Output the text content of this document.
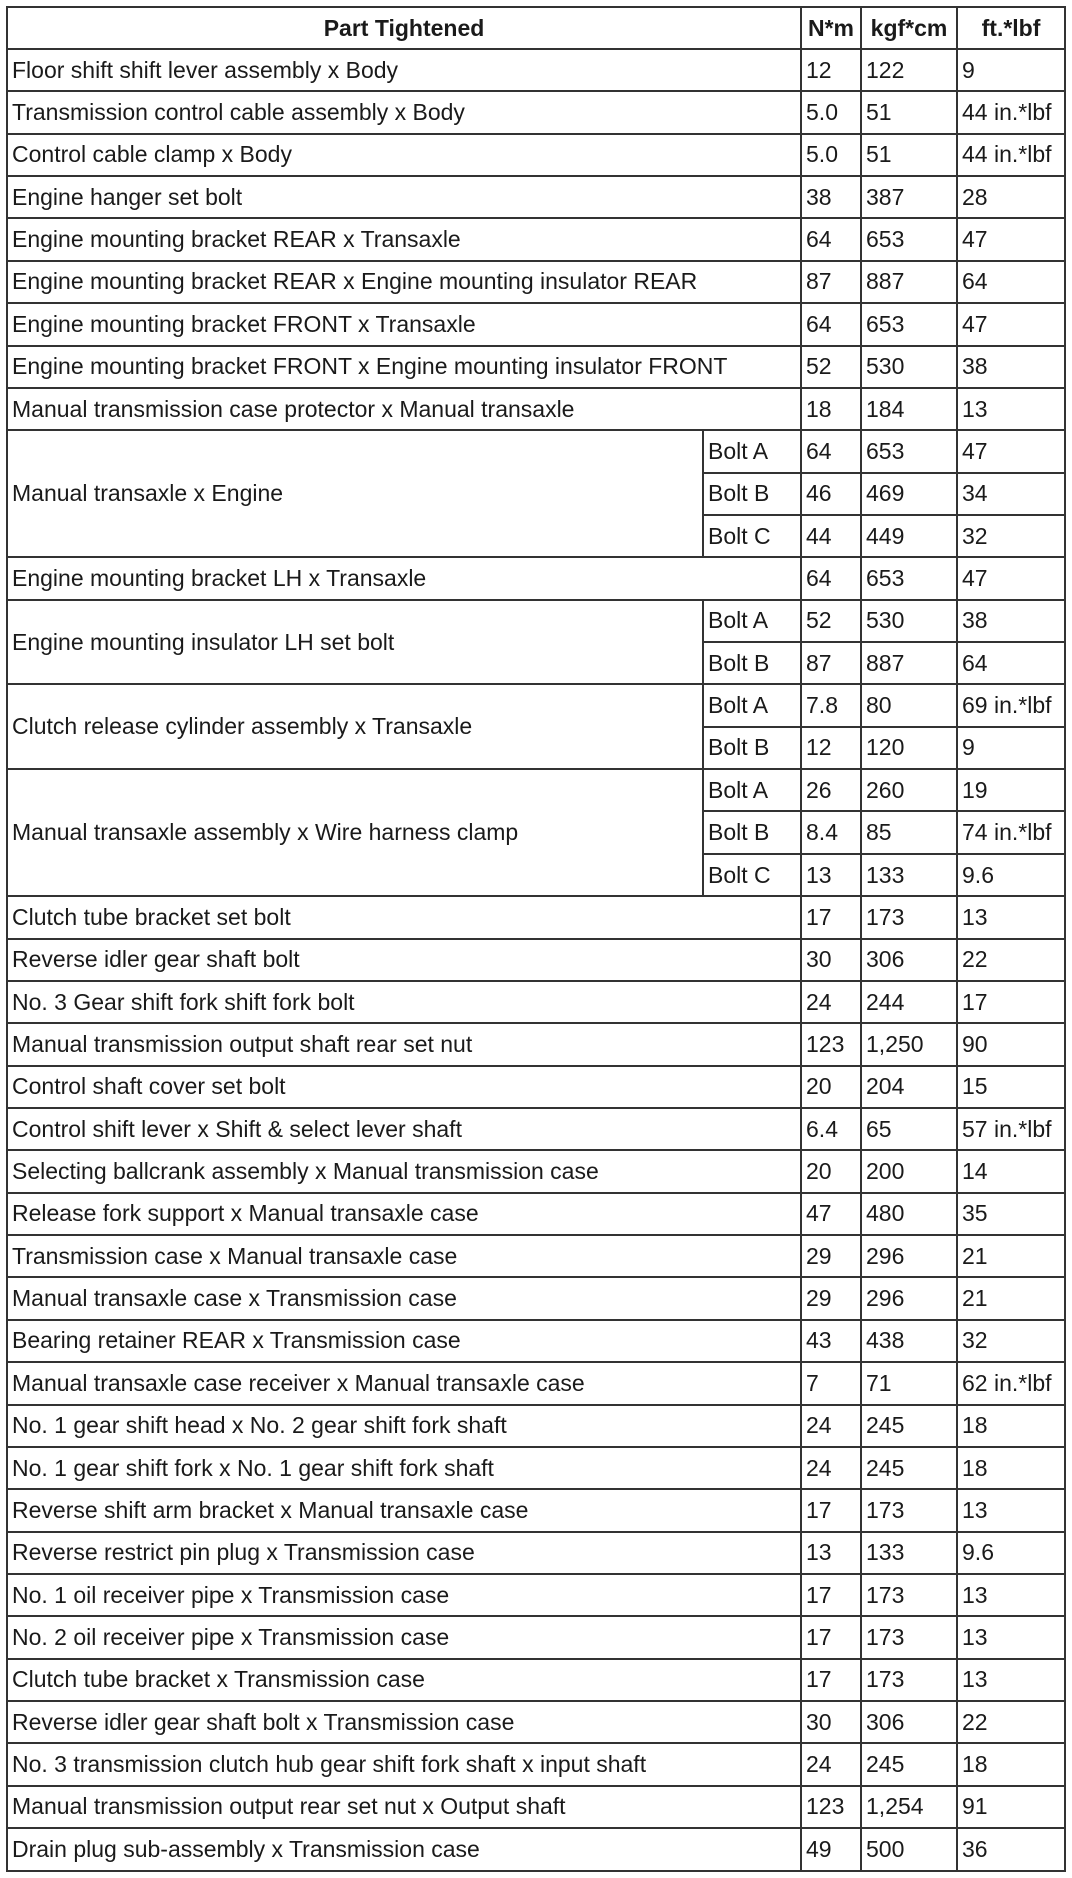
Part Tightened		N*m	kgf*cm	ft.*lbf
Floor shift shift lever assembly x Body		12	122	9
Transmission control cable assembly x Body		5.0	51	44 in.*lbf
Control cable clamp x Body		5.0	51	44 in.*lbf
Engine hanger set bolt		38	387	28
Engine mounting bracket REAR x Transaxle		64	653	47
Engine mounting bracket REAR x Engine mounting insulator REAR		87	887	64
Engine mounting bracket FRONT x Transaxle		64	653	47
Engine mounting bracket FRONT x Engine mounting insulator FRONT		52	530	38
Manual transmission case protector x Manual transaxle		18	184	13
Manual transaxle x Engine	Bolt A	64	653	47
	Bolt B	46	469	34
	Bolt C	44	449	32
Engine mounting bracket LH x Transaxle		64	653	47
Engine mounting insulator LH set bolt	Bolt A	52	530	38
	Bolt B	87	887	64
Clutch release cylinder assembly x Transaxle	Bolt A	7.8	80	69 in.*lbf
	Bolt B	12	120	9
Manual transaxle assembly x Wire harness clamp	Bolt A	26	260	19
	Bolt B	8.4	85	74 in.*lbf
	Bolt C	13	133	9.6
Clutch tube bracket set bolt		17	173	13
Reverse idler gear shaft bolt		30	306	22
No. 3 Gear shift fork shift fork bolt		24	244	17
Manual transmission output shaft rear set nut		123	1,250	90
Control shaft cover set bolt		20	204	15
Control shift lever x Shift & select lever shaft		6.4	65	57 in.*lbf
Selecting ballcrank assembly x Manual transmission case		20	200	14
Release fork support x Manual transaxle case		47	480	35
Transmission case x Manual transaxle case		29	296	21
Manual transaxle case x Transmission case		29	296	21
Bearing retainer REAR x Transmission case		43	438	32
Manual transaxle case receiver x Manual transaxle case		7	71	62 in.*lbf
No. 1 gear shift head x No. 2 gear shift fork shaft		24	245	18
No. 1 gear shift fork x No. 1 gear shift fork shaft		24	245	18
Reverse shift arm bracket x Manual transaxle case		17	173	13
Reverse restrict pin plug x Transmission case		13	133	9.6
No. 1 oil receiver pipe x Transmission case		17	173	13
No. 2 oil receiver pipe x Transmission case		17	173	13
Clutch tube bracket x Transmission case		17	173	13
Reverse idler gear shaft bolt x Transmission case		30	306	22
No. 3 transmission clutch hub gear shift fork shaft x input shaft		24	245	18
Manual transmission output rear set nut x Output shaft		123	1,254	91
Drain plug sub-assembly x Transmission case		49	500	36
